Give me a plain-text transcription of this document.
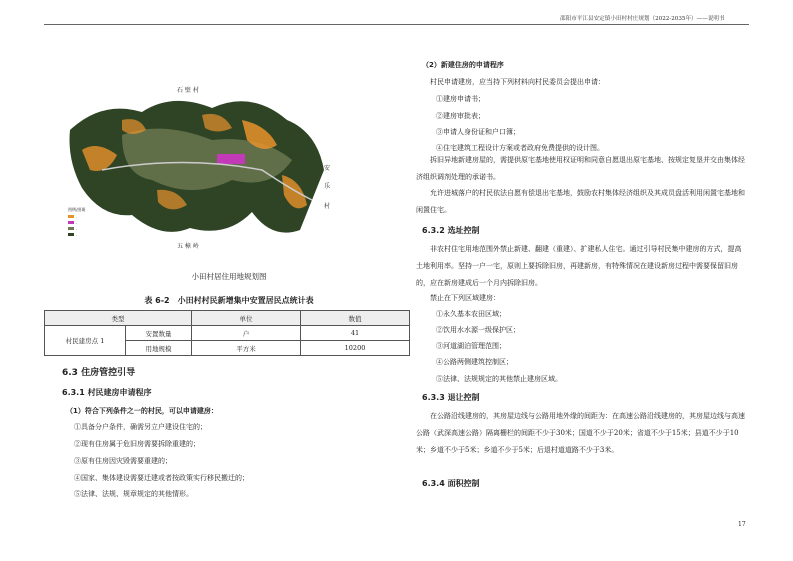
邵阳市平江县安定镇小田村村庄规划（2022-2035年）——说明书
图例/图斑
-
-
-
-
石 壁 村
安
乐
村
五 樟 岭
小田村居住用地规划图
表 6-2　小田村村民新增集中安置居民点统计表
类型		单位	数值
村民建房点 1	安置数量	户	41
	用地规模	平方米	10200
6.3 住房管控引导
6.3.1 村民建房申请程序
（1）符合下列条件之一的村民，可以申请建房：
①具备分户条件，确需另立户建设住宅的；
②现有住房属于危旧房需要拆除重建的；
③原有住房因灾毁需要重建的；
④国家、集体建设需要迁建或者按政策实行移民搬迁的；
⑤法律、法规、规章规定的其他情形。
（2）新建住房的申请程序
村民申请建房，应当持下列材料向村民委员会提出申请：
①建房申请书；
②建房审批表；
③申请人身份证和户口簿；
④住宅建筑工程设计方案或者政府免费提供的设计图。
拆旧异地新建房屋的，需提供原宅基地使用权证明和同意自愿退出原宅基地、按规定复垦并交由集体经济组织调剂处理的承诺书。
允许进城落户的村民依法自愿有偿退出宅基地，鼓励农村集体经济组织及其成员盘活利用闲置宅基地和闲置住宅。
6.3.2 选址控制
非农村住宅用地范围外禁止新建、翻建（重建）、扩建私人住宅。通过引导村民集中建房的方式，提高土地利用率。坚持一户一宅，原则上要拆除旧房，再建新房，有特殊情况在建设新房过程中需要保留旧房的，应在新房建成后一个月内拆除旧房。
禁止在下列区域建房：
①永久基本农田区域；
②饮用水水源一级保护区；
③河道湖泊管理范围；
④公路两侧建筑控制区；
⑤法律、法规规定的其他禁止建房区域。
6.3.3 退让控制
在公路沿线建房的，其房屋边线与公路用地外缘的间距为：在高速公路沿线建房的，其房屋边线与高速公路（武深高速公路）隔离栅栏的间距不少于30米；国道不少于20米；省道不少于15米；县道不少于10米；乡道不少于5米；乡道不少于5米；后退村道道路不少于3米。
6.3.4 面积控制
17
